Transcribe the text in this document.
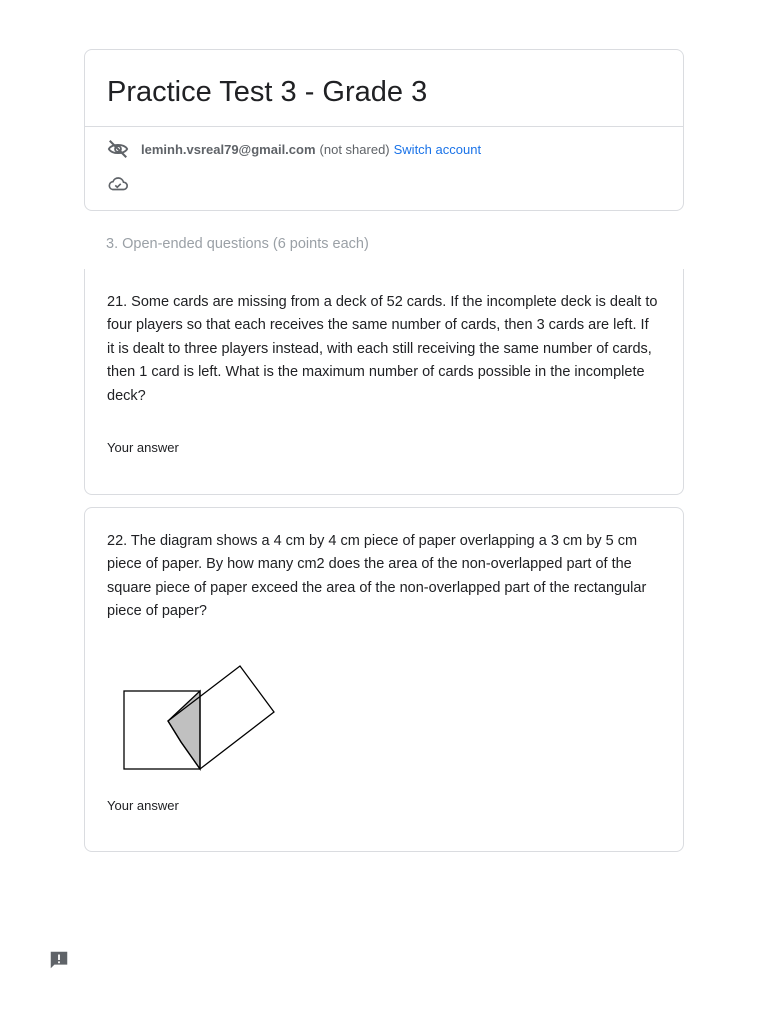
Practice Test 3 - Grade 3
leminh.vsreal79@gmail.com (not shared) Switch account
3. Open-ended questions (6 points each)
21. Some cards are missing from a deck of 52 cards. If the incomplete deck is dealt to four players so that each receives the same number of cards, then 3 cards are left. If it is dealt to three players instead, with each still receiving the same number of cards, then 1 card is left. What is the maximum number of cards possible in the incomplete deck?
Your answer
22. The diagram shows a 4 cm by 4 cm piece of paper overlapping a 3 cm by 5 cm piece of paper. By how many cm2 does the area of the non-overlapped part of the square piece of paper exceed the area of the non-overlapped part of the rectangular piece of paper?
Your answer
